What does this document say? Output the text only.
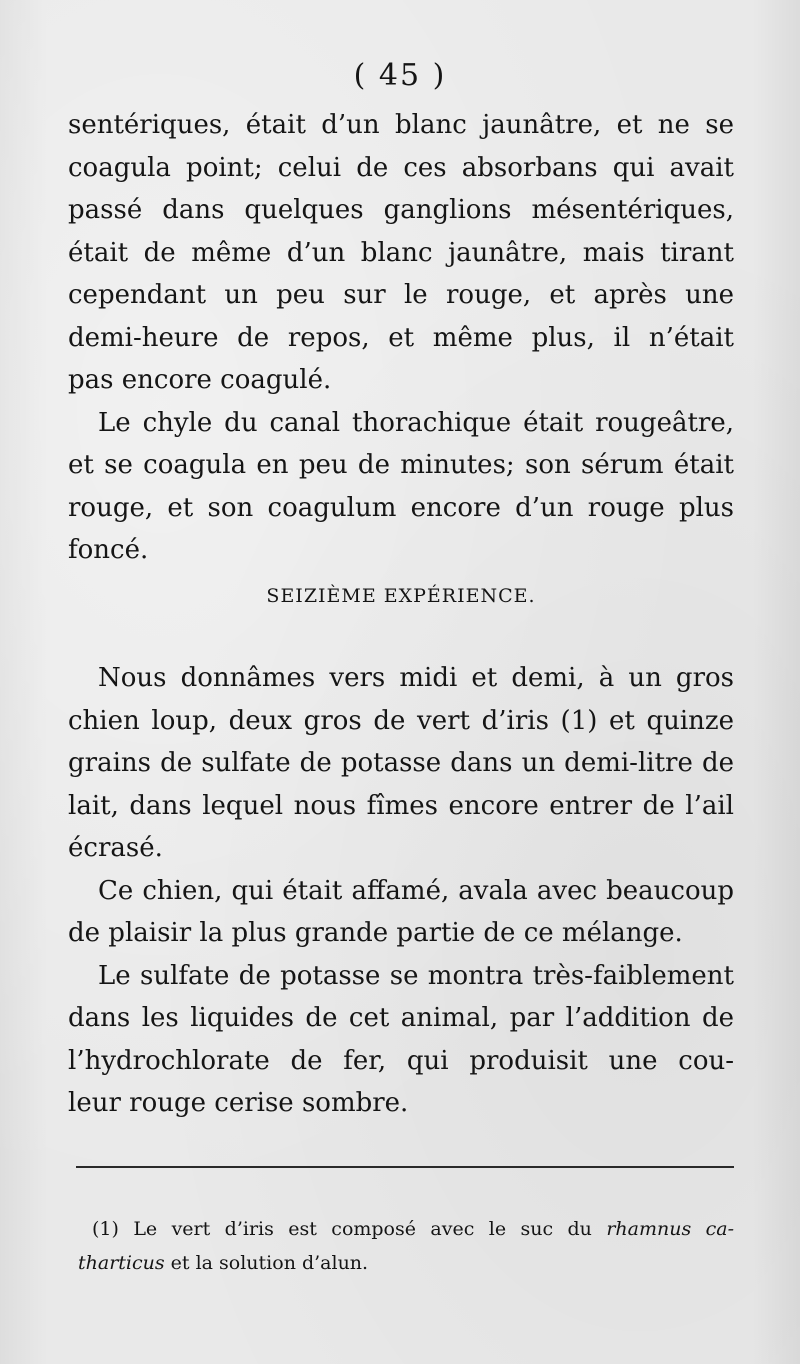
( 45 )
sentériques, était d’un blanc jaunâtre, et ne se
coagula point; celui de ces absorbans qui avait
passé dans quelques ganglions mésentériques,
était de même d’un blanc jaunâtre, mais tirant
cependant un peu sur le rouge, et après une
demi-heure de repos, et même plus, il n’était
pas encore coagulé.
Le chyle du canal thorachique était rougeâtre,
et se coagula en peu de minutes; son sérum était
rouge, et son coagulum encore d’un rouge plus
foncé.
SEIZIÈME EXPÉRIENCE.
Nous donnâmes vers midi et demi, à un gros
chien loup, deux gros de vert d’iris (1) et quinze
grains de sulfate de potasse dans un demi-litre de
lait, dans lequel nous fîmes encore entrer de l’ail
écrasé.
Ce chien, qui était affamé, avala avec beaucoup
de plaisir la plus grande partie de ce mélange.
Le sulfate de potasse se montra très-faiblement
dans les liquides de cet animal, par l’addition de
l’hydrochlorate de fer, qui produisit une cou-
leur rouge cerise sombre.
(1) Le vert d’iris est composé avec le suc du rhamnus ca-
tharticus et la solution d’alun.
